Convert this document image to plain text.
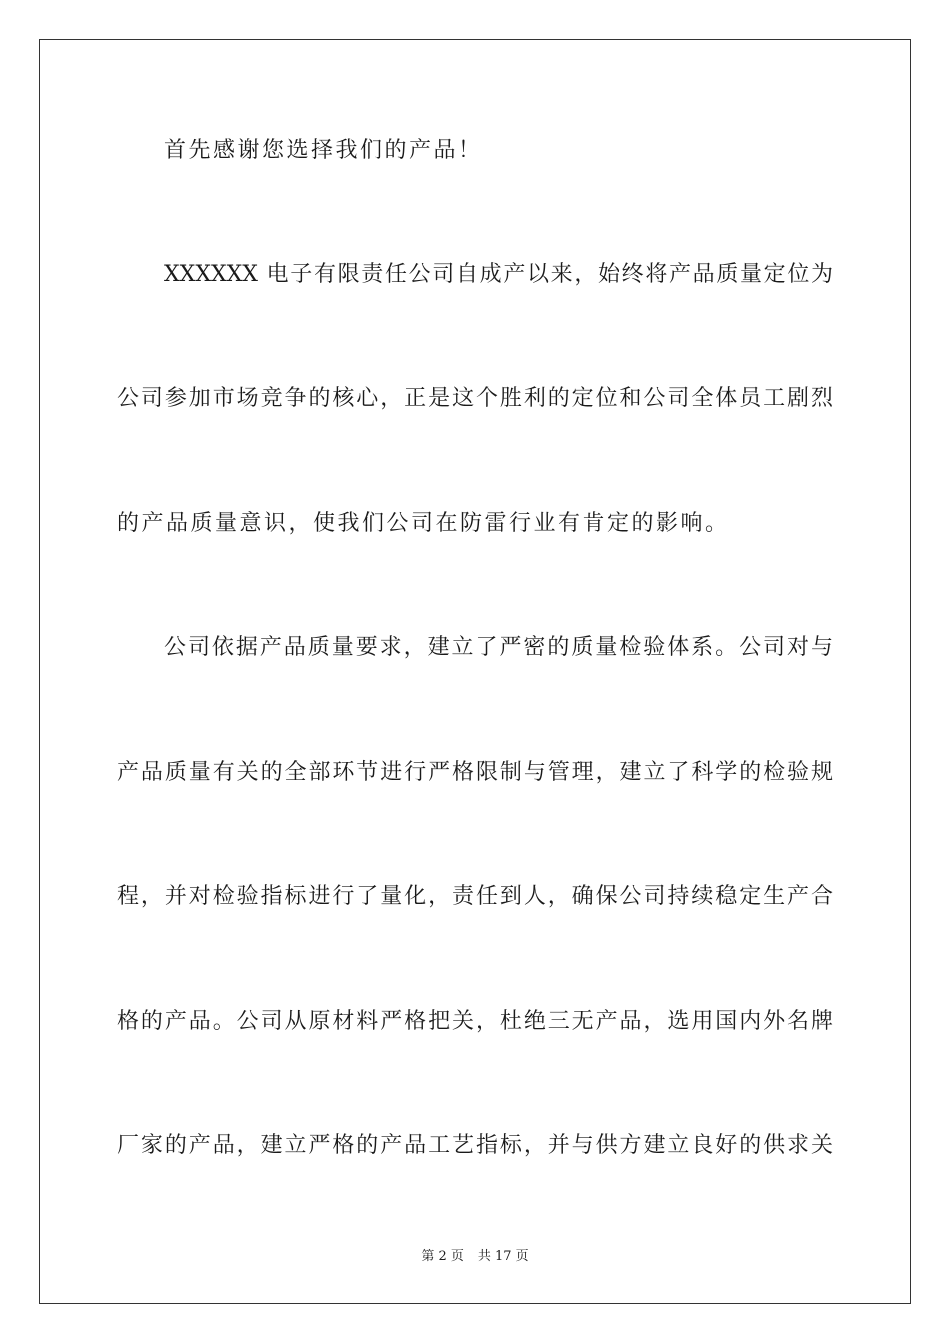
首先感谢您选择我们的产品！
XXXXXX 电子有限责任公司自成产以来，始终将产品质量定位为
公司参加市场竞争的核心，正是这个胜利的定位和公司全体员工剧烈
的产品质量意识，使我们公司在防雷行业有肯定的影响。
公司依据产品质量要求，建立了严密的质量检验体系。公司对与
产品质量有关的全部环节进行严格限制与管理，建立了科学的检验规
程，并对检验指标进行了量化，责任到人，确保公司持续稳定生产合
格的产品。公司从原材料严格把关，杜绝三无产品，选用国内外名牌
厂家的产品，建立严格的产品工艺指标，并与供方建立良好的供求关
第 2 页 共 17 页
